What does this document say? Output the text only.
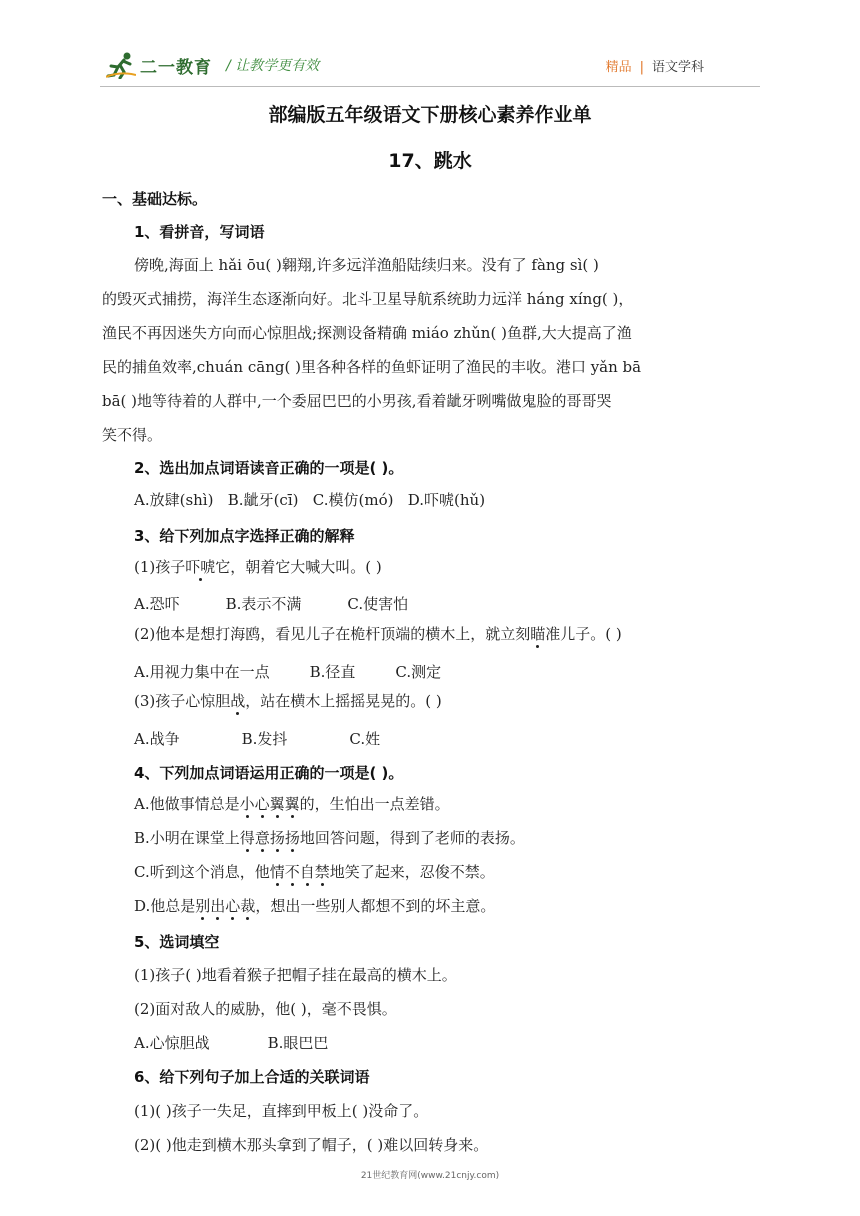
二一教育 / 让教学更有效	精品 | 语文学科
部编版五年级语文下册核心素养作业单
17、跳水
一、基础达标。
1、看拼音，写词语
傍晚,海面上 hǎi ōu( )翱翔,许多远洋渔船陆续归来。没有了 fàng sì( )
的毁灭式捕捞，海洋生态逐渐向好。北斗卫星导航系统助力远洋 háng xíng( )，
渔民不再因迷失方向而心惊胆战;探测设备精确 miáo zhǔn( )鱼群,大大提高了渔
民的捕鱼效率,chuán cāng( )里各种各样的鱼虾证明了渔民的丰收。港口 yǎn bā
bā( )地等待着的人群中,一个委屈巴巴的小男孩,看着龇牙咧嘴做鬼脸的哥哥哭
笑不得。
2、选出加点词语读音正确的一项是( )。
A.放肆(shì) B.龇牙(cī) C.模仿(mó) D.吓唬(hǔ)
3、给下列加点字选择正确的解释
(1)孩子吓唬它，朝着它大喊大叫。( )
A.恐吓	B.表示不满	C.使害怕
(2)他本是想打海鸥，看见儿子在桅杆顶端的横木上，就立刻瞄准儿子。( )
A.用视力集中在一点	B.径直	C.测定
(3)孩子心惊胆战，站在横木上摇摇晃晃的。( )
A.战争	B.发抖	C.姓
4、下列加点词语运用正确的一项是( )。
A.他做事情总是小心翼翼的，生怕出一点差错。
B.小明在课堂上得意扬扬地回答问题，得到了老师的表扬。
C.听到这个消息，他情不自禁地笑了起来，忍俊不禁。
D.他总是别出心裁，想出一些别人都想不到的坏主意。
5、选词填空
(1)孩子( )地看着猴子把帽子挂在最高的横木上。
(2)面对敌人的威胁，他( )，毫不畏惧。
A.心惊胆战	B.眼巴巴
6、给下列句子加上合适的关联词语
(1)( )孩子一失足，直摔到甲板上( )没命了。
(2)( )他走到横木那头拿到了帽子，( )难以回转身来。
21世纪教育网(www.21cnjy.com)
